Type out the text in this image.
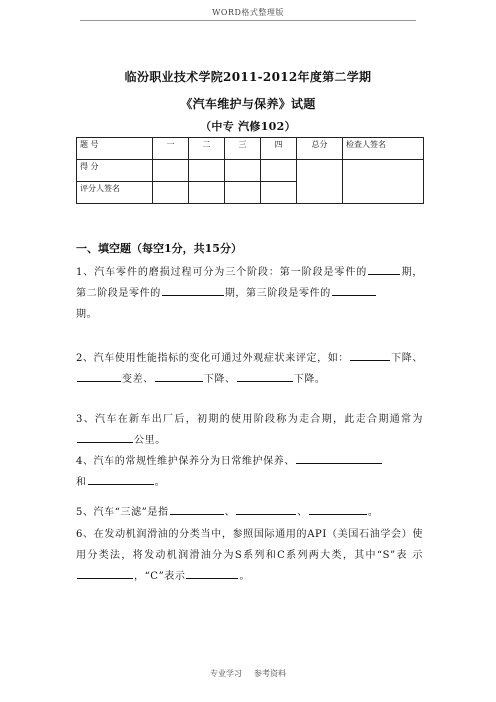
WORD格式整理版
临汾职业技术学院2011-2012年度第二学期
《汽车维护与保养》试题
（中专 汽修102）
题 号	一	二	三	四	总分	检查人签名
得 分						
评分人签名						
一、填空题（每空1分，共15分）
1、汽车零件的磨损过程可分为三个阶段：第一阶段是零件的	期，第二阶段是零件的	期，第三阶段是零件的
期。
2、汽车使用性能指标的变化可通过外观症状来评定，如：	下降、变差、	下降、	下降。
3、汽车在新车出厂后，初期的使用阶段称为走合期，此走合期通常为公里。
4、汽车的常规性维护保养分为日常维护保养、
和	。
5、汽车“三滤”是指	、	、	。
6、在发动机润滑油的分类当中，参照国际通用的API（美国石油学会）使用分类法，将发动机润滑油分为S系列和C系列两大类，其中“S”表 示，“C”表示	。
专业学习 参考资料
